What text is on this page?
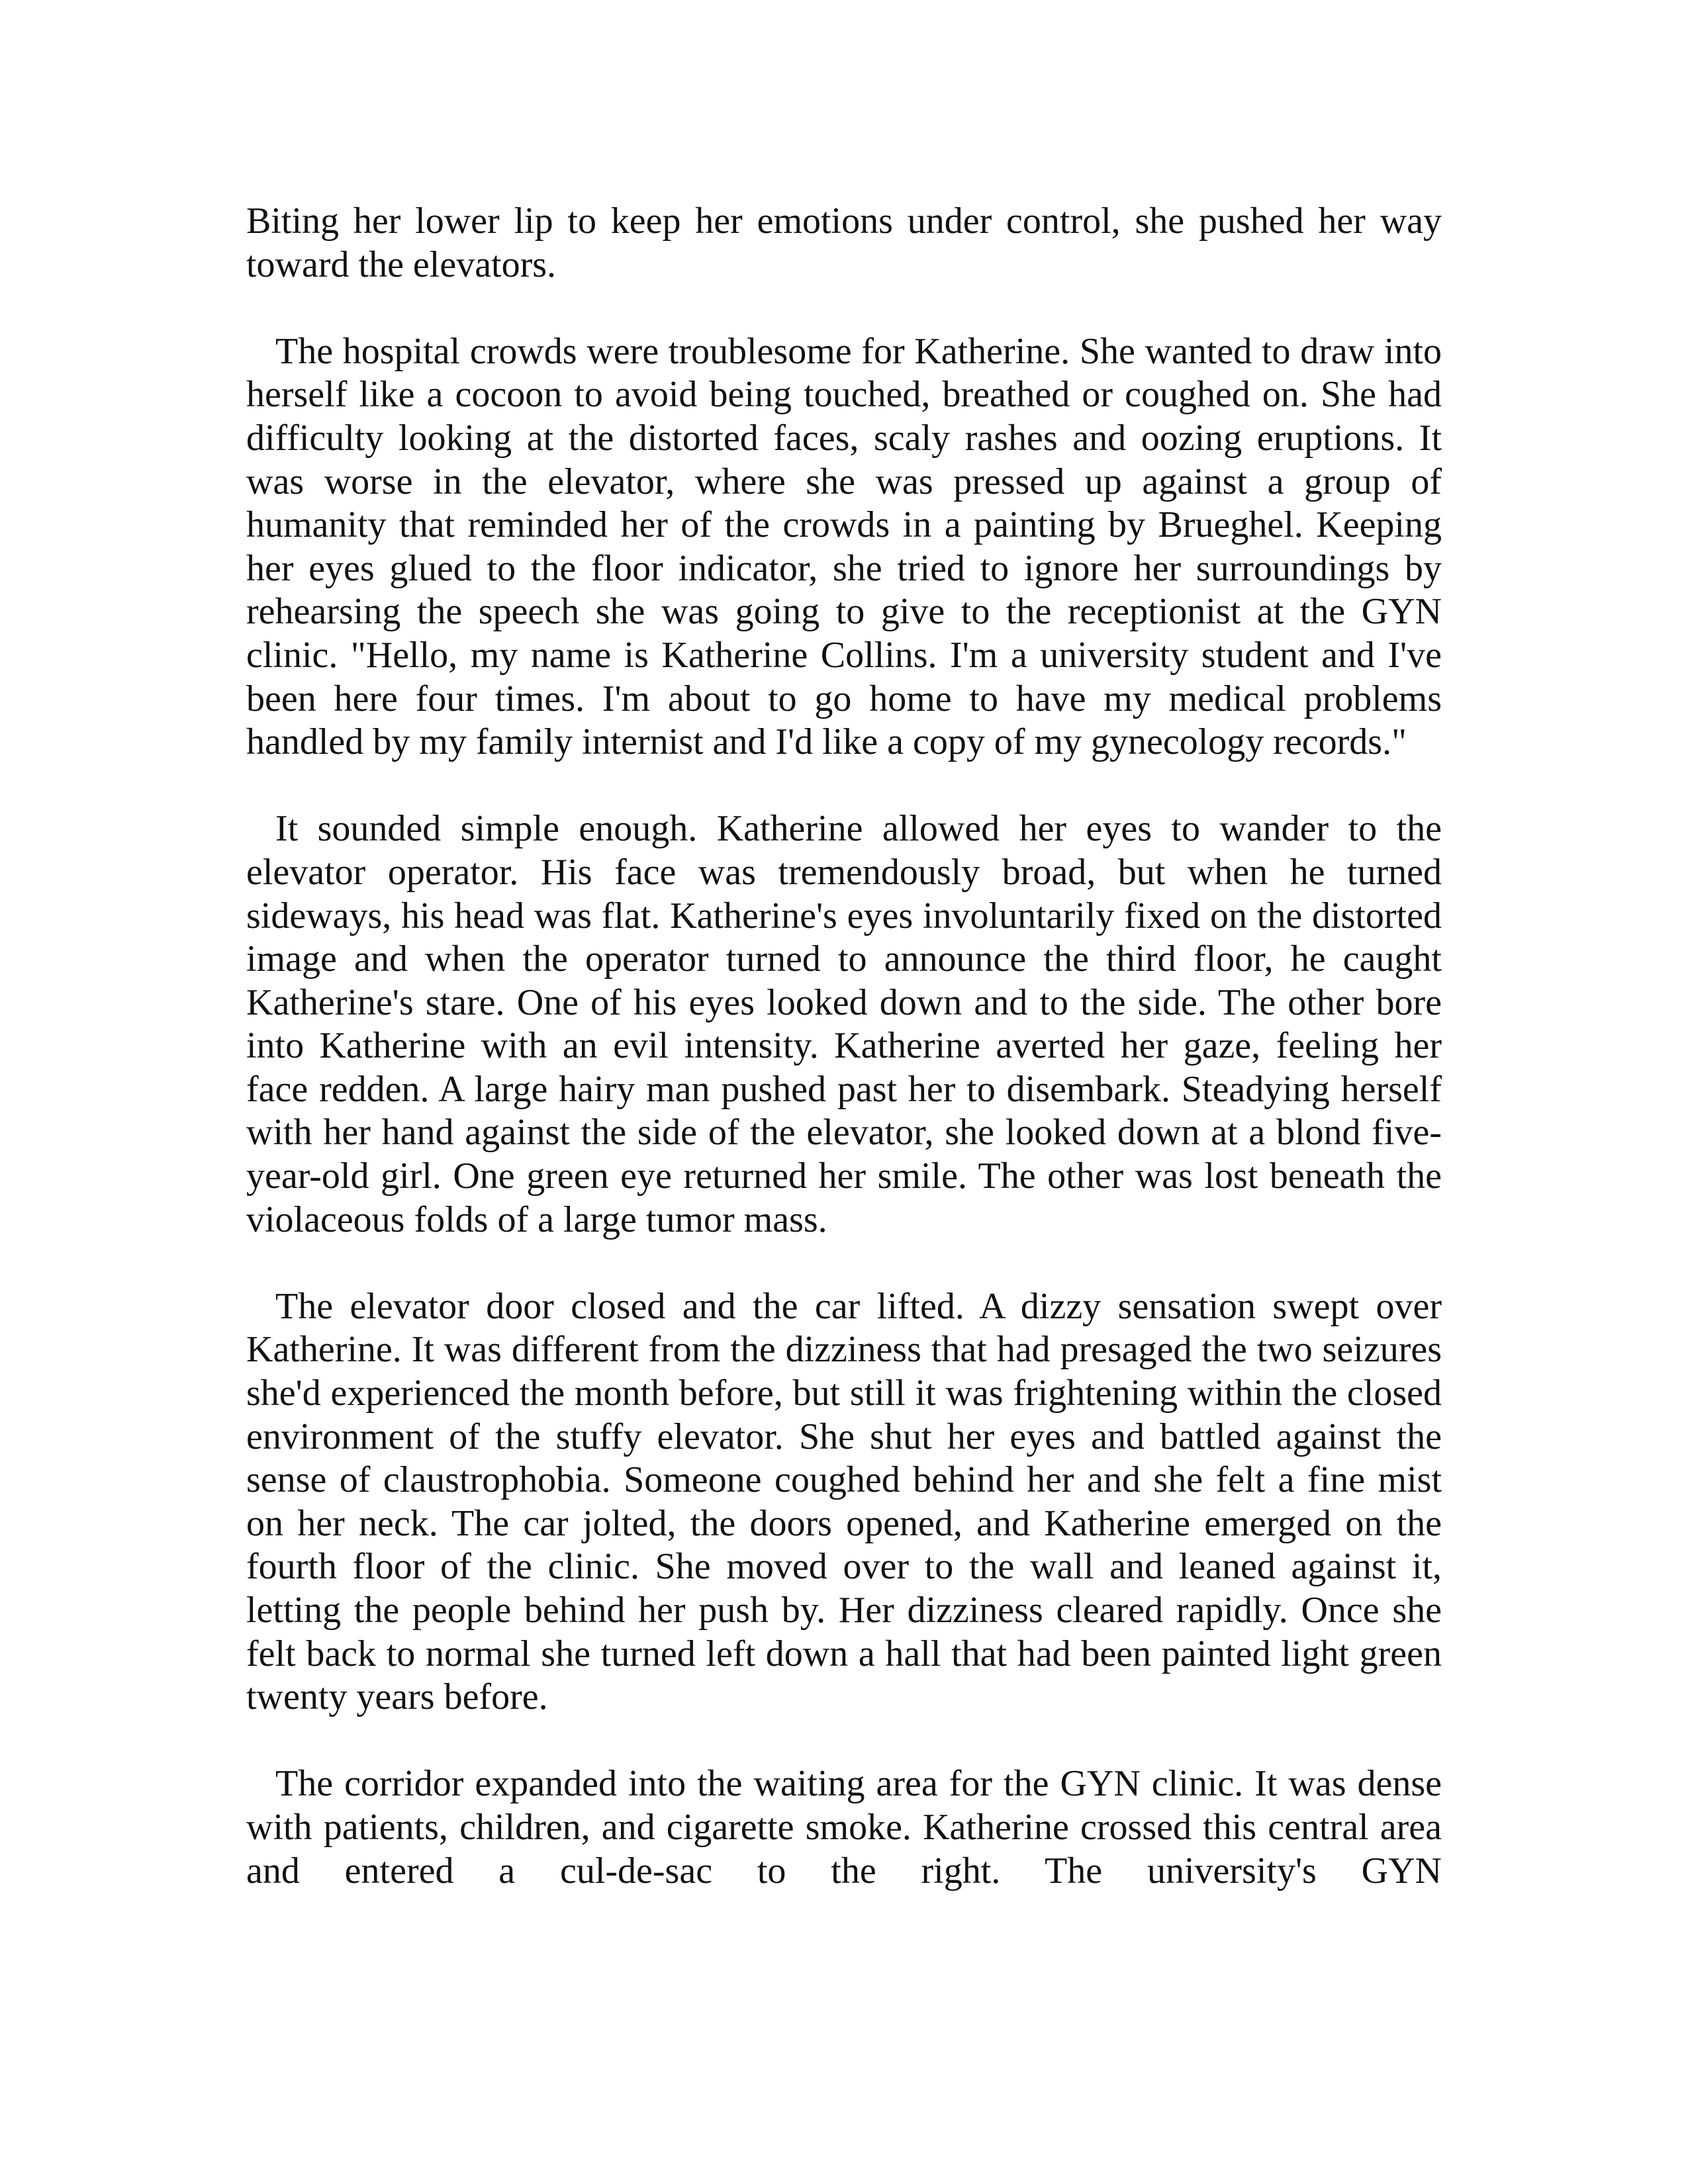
Biting her lower lip to keep her emotions under control, she pushed her way toward the elevators.

The hospital crowds were troublesome for Katherine. She wanted to draw into herself like a cocoon to avoid being touched, breathed or coughed on. She had difficulty looking at the distorted faces, scaly rashes and oozing eruptions. It was worse in the elevator, where she was pressed up against a group of humanity that reminded her of the crowds in a painting by Brueghel. Keeping her eyes glued to the floor indicator, she tried to ignore her surroundings by rehearsing the speech she was going to give to the receptionist at the GYN clinic. "Hello, my name is Katherine Collins. I'm a university student and I've been here four times. I'm about to go home to have my medical problems handled by my family internist and I'd like a copy of my gynecology records."

It sounded simple enough. Katherine allowed her eyes to wander to the elevator operator. His face was tremendously broad, but when he turned sideways, his head was flat. Katherine's eyes involuntarily fixed on the distorted image and when the operator turned to announce the third floor, he caught Katherine's stare. One of his eyes looked down and to the side. The other bore into Katherine with an evil intensity. Katherine averted her gaze, feeling her face redden. A large hairy man pushed past her to disembark. Steadying herself with her hand against the side of the elevator, she looked down at a blond five-year-old girl. One green eye returned her smile. The other was lost beneath the violaceous folds of a large tumor mass.

The elevator door closed and the car lifted. A dizzy sensation swept over Katherine. It was different from the dizziness that had presaged the two seizures she'd experienced the month before, but still it was frightening within the closed environment of the stuffy elevator. She shut her eyes and battled against the sense of claustrophobia. Someone coughed behind her and she felt a fine mist on her neck. The car jolted, the doors opened, and Katherine emerged on the fourth floor of the clinic. She moved over to the wall and leaned against it, letting the people behind her push by. Her dizziness cleared rapidly. Once she felt back to normal she turned left down a hall that had been painted light green twenty years before.

The corridor expanded into the waiting area for the GYN clinic. It was dense with patients, children, and cigarette smoke. Katherine crossed this central area and entered a cul-de-sac to the right. The university's GYN
